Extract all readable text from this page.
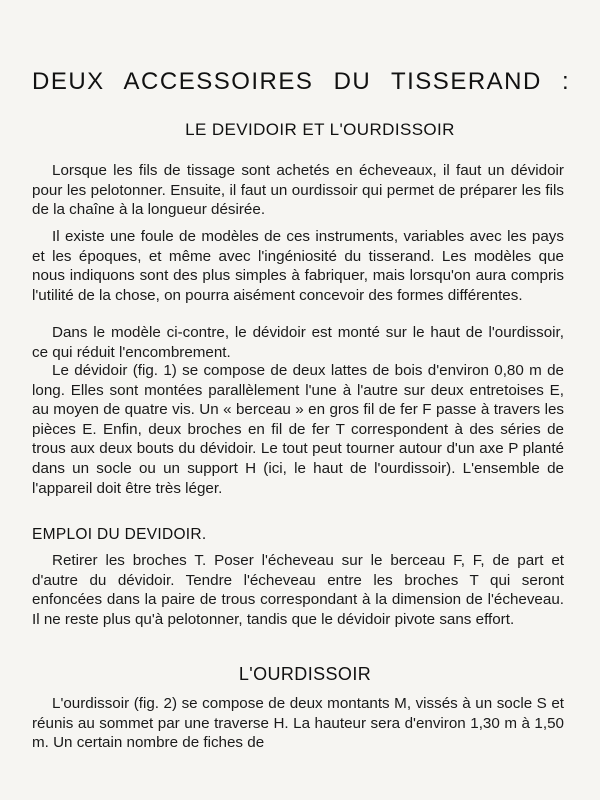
DEUX ACCESSOIRES DU TISSERAND :
LE DEVIDOIR ET L'OURDISSOIR

Lorsque les fils de tissage sont achetés en écheveaux, il faut un dévidoir pour les pelotonner. Ensuite, il faut un ourdissoir qui permet de préparer les fils de la chaîne à la longueur désirée.

Il existe une foule de modèles de ces instruments, variables avec les pays et les époques, et même avec l'ingéniosité du tisserand. Les modèles que nous indiquons sont des plus simples à fabriquer, mais lorsqu'on aura compris l'utilité de la chose, on pourra aisément concevoir des formes différentes.

Dans le modèle ci-contre, le dévidoir est monté sur le haut de l'ourdissoir, ce qui réduit l'encombrement.

Le dévidoir (fig. 1) se compose de deux lattes de bois d'environ 0,80 m de long. Elles sont montées parallèlement l'une à l'autre sur deux entretoises E, au moyen de quatre vis. Un « berceau » en gros fil de fer F passe à travers les pièces E. Enfin, deux broches en fil de fer T correspondent à des séries de trous aux deux bouts du dévidoir. Le tout peut tourner autour d'un axe P planté dans un socle ou un support H (ici, le haut de l'ourdissoir). L'ensemble de l'appareil doit être très léger.

EMPLOI DU DEVIDOIR.

Retirer les broches T. Poser l'écheveau sur le berceau F, F, de part et d'autre du dévidoir. Tendre l'écheveau entre les broches T qui seront enfoncées dans la paire de trous correspondant à la dimension de l'écheveau. Il ne reste plus qu'à pelotonner, tandis que le dévidoir pivote sans effort.

L'OURDISSOIR

L'ourdissoir (fig. 2) se compose de deux montants M, vissés à un socle S et réunis au sommet par une traverse H. La hauteur sera d'environ 1,30 m à 1,50 m. Un certain nombre de fiches de
